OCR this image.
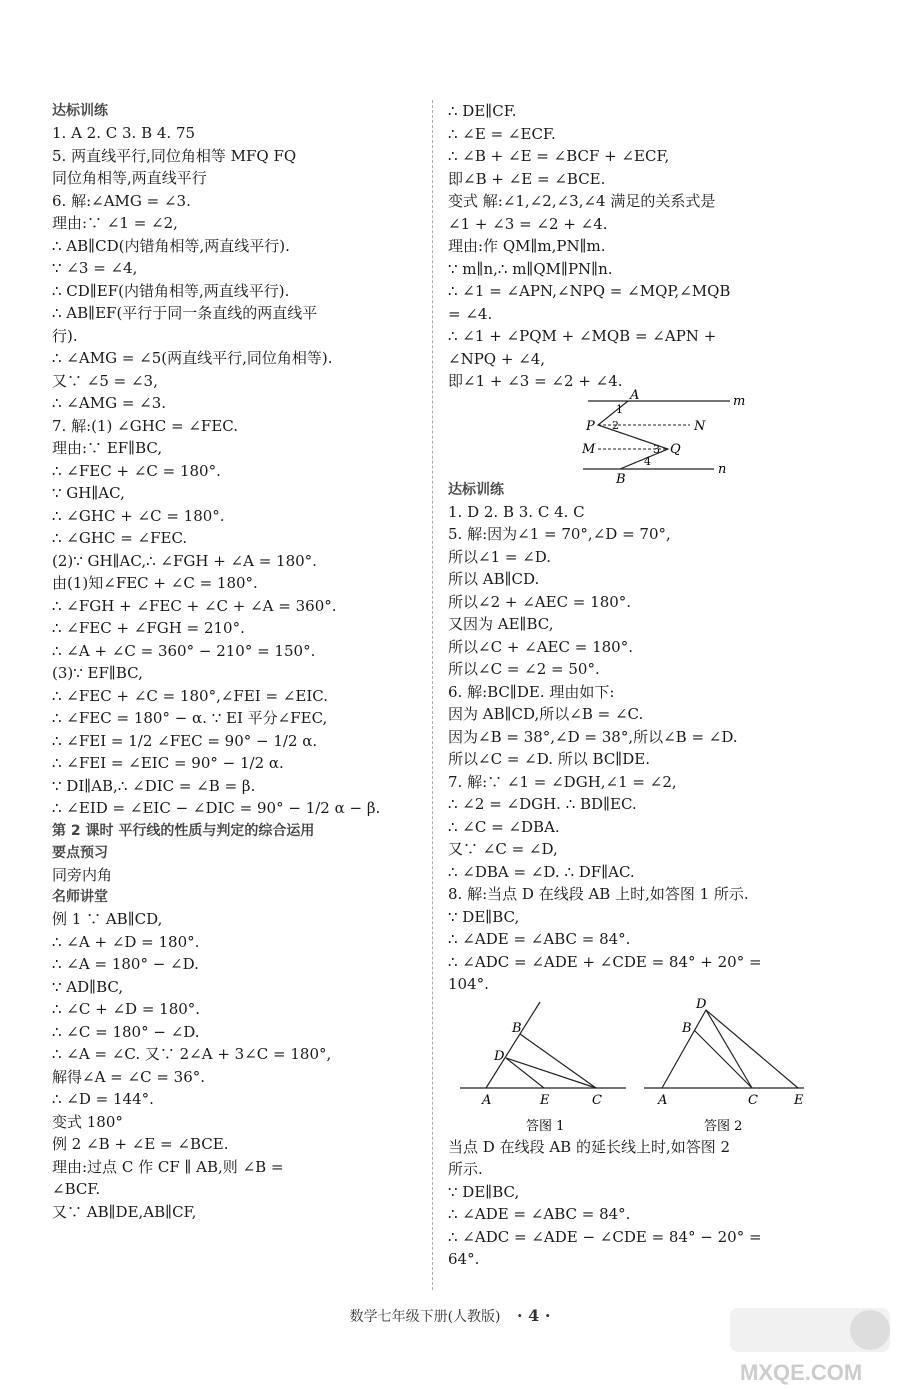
达标训练
1. A 2. C 3. B 4. 75
5. 两直线平行,同位角相等 MFQ FQ
同位角相等,两直线平行
6. 解:∠AMG = ∠3.
理由:∵ ∠1 = ∠2,
∴ AB∥CD(内错角相等,两直线平行).
∵ ∠3 = ∠4,
∴ CD∥EF(内错角相等,两直线平行).
∴ AB∥EF(平行于同一条直线的两直线平
行).
∴ ∠AMG = ∠5(两直线平行,同位角相等).
又∵ ∠5 = ∠3,
∴ ∠AMG = ∠3.
7. 解:(1) ∠GHC = ∠FEC.
理由:∵ EF∥BC,
∴ ∠FEC + ∠C = 180°.
∵ GH∥AC,
∴ ∠GHC + ∠C = 180°.
∴ ∠GHC = ∠FEC.
(2)∵ GH∥AC,∴ ∠FGH + ∠A = 180°.
由(1)知∠FEC + ∠C = 180°.
∴ ∠FGH + ∠FEC + ∠C + ∠A = 360°.
∴ ∠FEC + ∠FGH = 210°.
∴ ∠A + ∠C = 360° − 210° = 150°.
(3)∵ EF∥BC,
∴ ∠FEC + ∠C = 180°,∠FEI = ∠EIC.
∴ ∠FEC = 180° − α. ∵ EI 平分∠FEC,
∴ ∠FEI = 1/2 ∠FEC = 90° − 1/2 α.
∴ ∠FEI = ∠EIC = 90° − 1/2 α.
∵ DI∥AB,∴ ∠DIC = ∠B = β.
∴ ∠EID = ∠EIC − ∠DIC = 90° − 1/2 α − β.
第 2 课时 平行线的性质与判定的综合运用
要点预习
同旁内角
名师讲堂
例 1 ∵ AB∥CD,
∴ ∠A + ∠D = 180°.
∴ ∠A = 180° − ∠D.
∵ AD∥BC,
∴ ∠C + ∠D = 180°.
∴ ∠C = 180° − ∠D.
∴ ∠A = ∠C. 又∵ 2∠A + 3∠C = 180°,
解得∠A = ∠C = 36°.
∴ ∠D = 144°.
变式 180°
例 2 ∠B + ∠E = ∠BCE.
理由:过点 C 作 CF ∥ AB,则 ∠B =
∠BCF.
又∵ AB∥DE,AB∥CF,
∴ DE∥CF.
∴ ∠E = ∠ECF.
∴ ∠B + ∠E = ∠BCF + ∠ECF,
即∠B + ∠E = ∠BCE.
变式 解:∠1,∠2,∠3,∠4 满足的关系式是
∠1 + ∠3 = ∠2 + ∠4.
理由:作 QM∥m,PN∥m.
∵ m∥n,∴ m∥QM∥PN∥n.
∴ ∠1 = ∠APN,∠NPQ = ∠MQP,∠MQB
= ∠4.
∴ ∠1 + ∠PQM + ∠MQB = ∠APN +
∠NPQ + ∠4,
即∠1 + ∠3 = ∠2 + ∠4.
A	m
n
B
P	N
M	Q
1
2
3
4
达标训练
1. D 2. B 3. C 4. C
5. 解:因为∠1 = 70°,∠D = 70°,
所以∠1 = ∠D.
所以 AB∥CD.
所以∠2 + ∠AEC = 180°.
又因为 AE∥BC,
所以∠C + ∠AEC = 180°.
所以∠C = ∠2 = 50°.
6. 解:BC∥DE. 理由如下:
因为 AB∥CD,所以∠B = ∠C.
因为∠B = 38°,∠D = 38°,所以∠B = ∠D.
所以∠C = ∠D. 所以 BC∥DE.
7. 解:∵ ∠1 = ∠DGH,∠1 = ∠2,
∴ ∠2 = ∠DGH. ∴ BD∥EC.
∴ ∠C = ∠DBA.
又∵ ∠C = ∠D,
∴ ∠DBA = ∠D. ∴ DF∥AC.
8. 解:当点 D 在线段 AB 上时,如答图 1 所示.
∵ DE∥BC,
∴ ∠ADE = ∠ABC = 84°.
∴ ∠ADC = ∠ADE + ∠CDE = 84° + 20° =
104°.
A
B
C
D
E
答图 1
A
B
C
D
E
答图 2
当点 D 在线段 AB 的延长线上时,如答图 2
所示.
∵ DE∥BC,
∴ ∠ADE = ∠ABC = 84°.
∴ ∠ADC = ∠ADE − ∠CDE = 84° − 20° =
64°.
数学七年级下册(人教版) · 4 ·
MXQE.COM
